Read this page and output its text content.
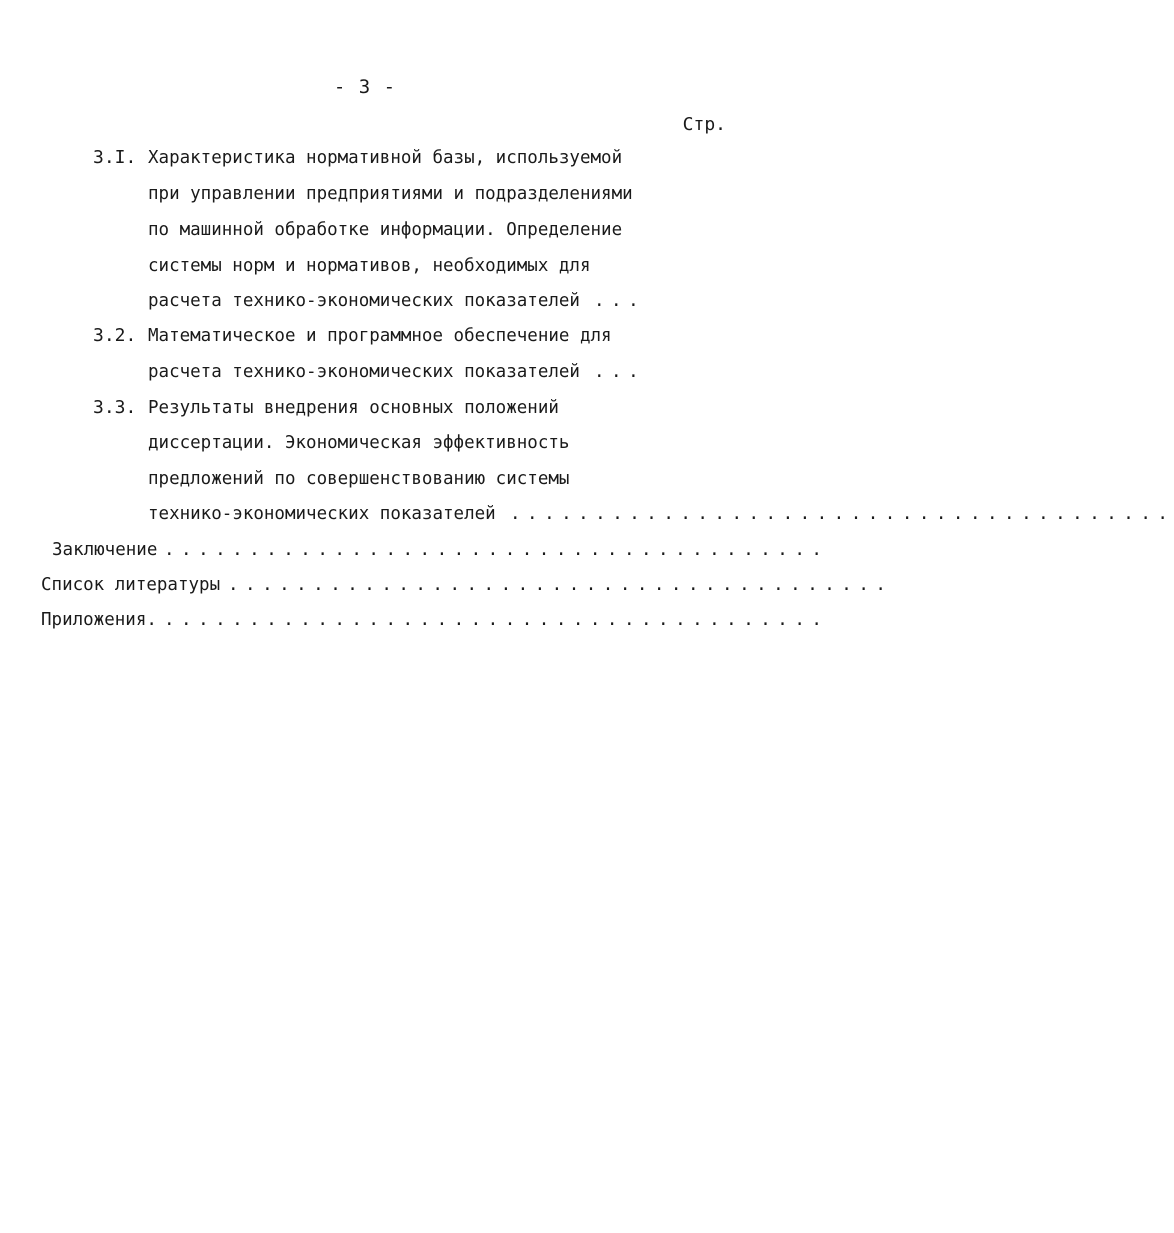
- 3 -
Стр.
3.I. Характеристика нормативной базы, используемой
при управлении предприятиями и подразделениями
по машинной обработке информации. Определение
системы норм и нормативов, необходимых для
расчета технико-экономических показателей ...
3.2. Математическое и программное обеспечение для
расчета технико-экономических показателей ...
3.3. Результаты внедрения основных положений
диссертации. Экономическая эффективность
предложений по совершенствованию системы
технико-экономических показателей .......................................
Заключение .......................................
Список литературы .......................................
Приложения. .......................................
